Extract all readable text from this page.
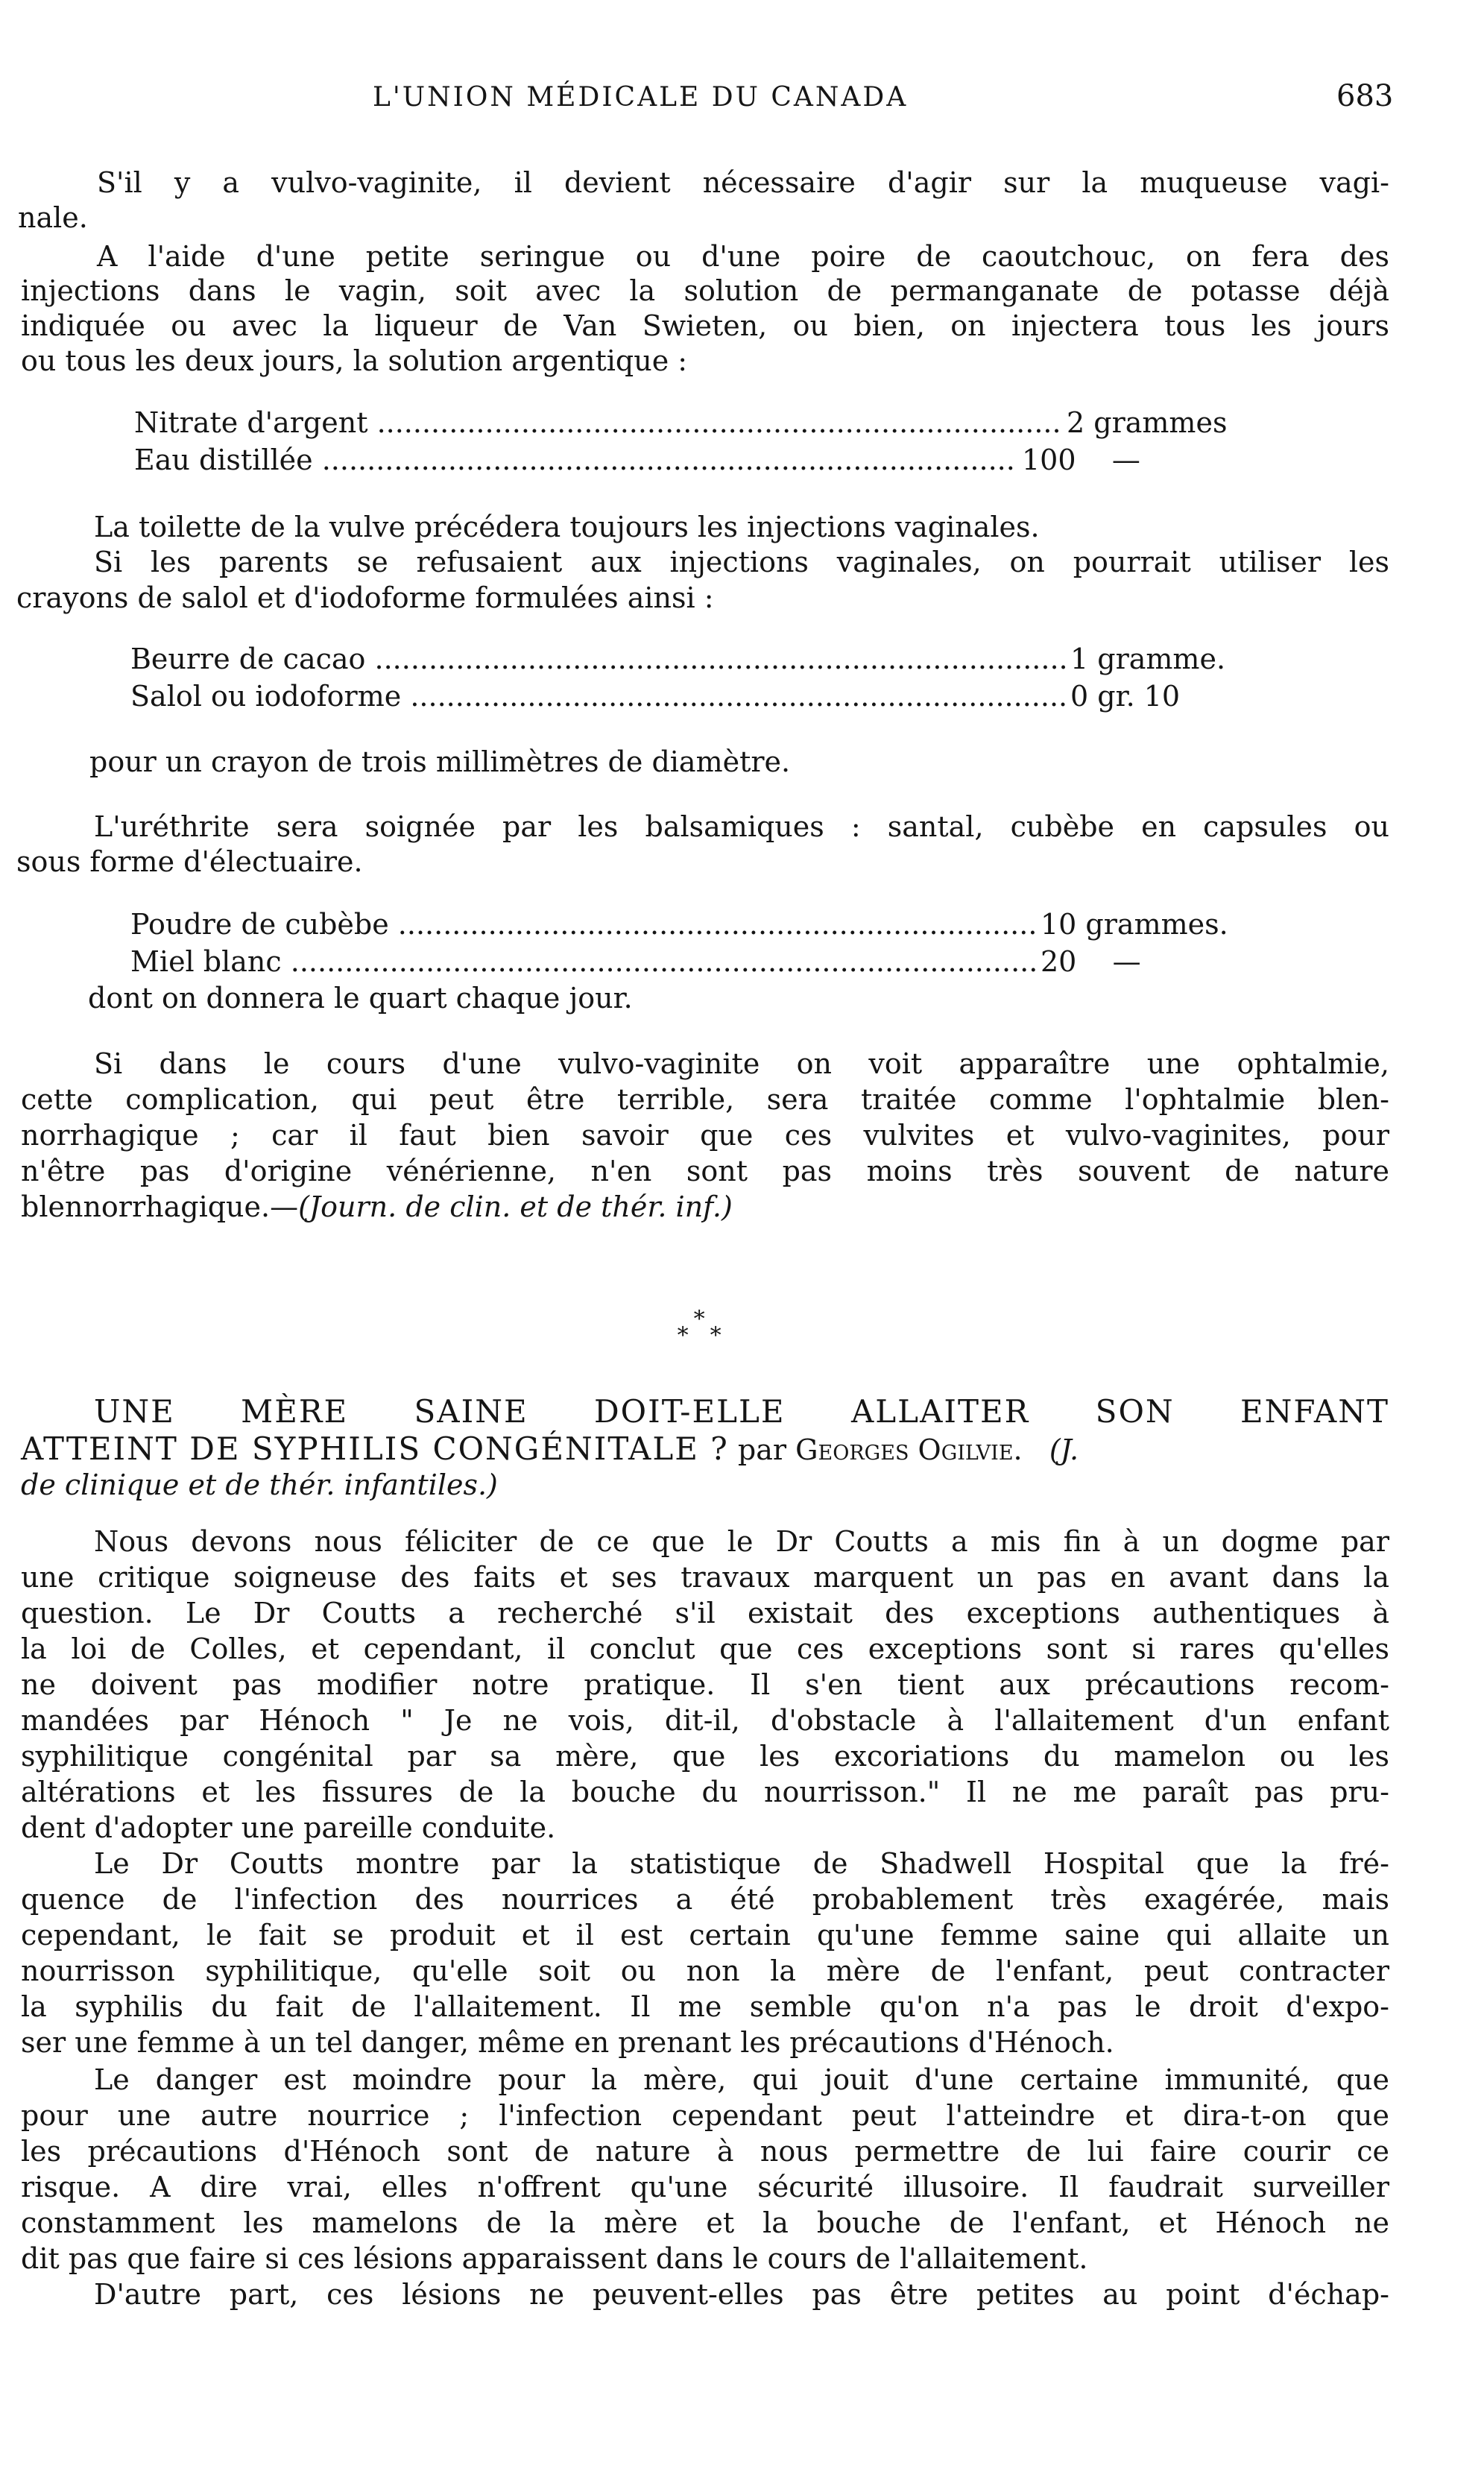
L'UNION MÉDICALE DU CANADA	683
S'il y a vulvo-vaginite, il devient nécessaire d'agir sur la muqueuse vagi-
nale.
A l'aide d'une petite seringue ou d'une poire de caoutchouc, on fera des
injections dans le vagin, soit avec la solution de permanganate de potasse déjà
indiquée ou avec la liqueur de Van Swieten, ou bien, on injectera tous les jours
ou tous les deux jours, la solution argentique :
Nitrate d'argent .....	2 grammes
Eau distillée .....	100    —
La toilette de la vulve précédera toujours les injections vaginales.
Si les parents se refusaient aux injections vaginales, on pourrait utiliser les
crayons de salol et d'iodoforme formulées ainsi :
Beurre de cacao .....	1 gramme.
Salol ou iodoforme .....	0 gr. 10
pour un crayon de trois millimètres de diamètre.
L'uréthrite sera soignée par les balsamiques : santal, cubèbe en capsules ou
sous forme d'électuaire.
Poudre de cubèbe .....	10 grammes.
Miel blanc .....	20    —
dont on donnera le quart chaque jour.
Si dans le cours d'une vulvo-vaginite on voit apparaître une ophtalmie,
cette complication, qui peut être terrible, sera traitée comme l'ophtalmie blen-
norrhagique ; car il faut bien savoir que ces vulvites et vulvo-vaginites, pour
n'être pas d'origine vénérienne, n'en sont pas moins très souvent de nature
blennorrhagique.—(Journ. de clin. et de thér. inf.)
∗
∗ ∗
UNE MÈRE SAINE DOIT-ELLE ALLAITER SON ENFANT
ATTEINT DE SYPHILIS CONGÉNITALE ? par Georges Ogilvie. (J.
de clinique et de thér. infantiles.)
Nous devons nous féliciter de ce que le Dr Coutts a mis fin à un dogme par
une critique soigneuse des faits et ses travaux marquent un pas en avant dans la
question. Le Dr Coutts a recherché s'il existait des exceptions authentiques à
la loi de Colles, et cependant, il conclut que ces exceptions sont si rares qu'elles
ne doivent pas modifier notre pratique. Il s'en tient aux précautions recom-
mandées par Hénoch " Je ne vois, dit-il, d'obstacle à l'allaitement d'un enfant
syphilitique congénital par sa mère, que les excoriations du mamelon ou les
altérations et les fissures de la bouche du nourrisson." Il ne me paraît pas pru-
dent d'adopter une pareille conduite.
Le Dr Coutts montre par la statistique de Shadwell Hospital que la fré-
quence de l'infection des nourrices a été probablement très exagérée, mais
cependant, le fait se produit et il est certain qu'une femme saine qui allaite un
nourrisson syphilitique, qu'elle soit ou non la mère de l'enfant, peut contracter
la syphilis du fait de l'allaitement. Il me semble qu'on n'a pas le droit d'expo-
ser une femme à un tel danger, même en prenant les précautions d'Hénoch.
Le danger est moindre pour la mère, qui jouit d'une certaine immunité, que
pour une autre nourrice ; l'infection cependant peut l'atteindre et dira-t-on que
les précautions d'Hénoch sont de nature à nous permettre de lui faire courir ce
risque. A dire vrai, elles n'offrent qu'une sécurité illusoire. Il faudrait surveiller
constamment les mamelons de la mère et la bouche de l'enfant, et Hénoch ne
dit pas que faire si ces lésions apparaissent dans le cours de l'allaitement.
D'autre part, ces lésions ne peuvent-elles pas être petites au point d'échap-
